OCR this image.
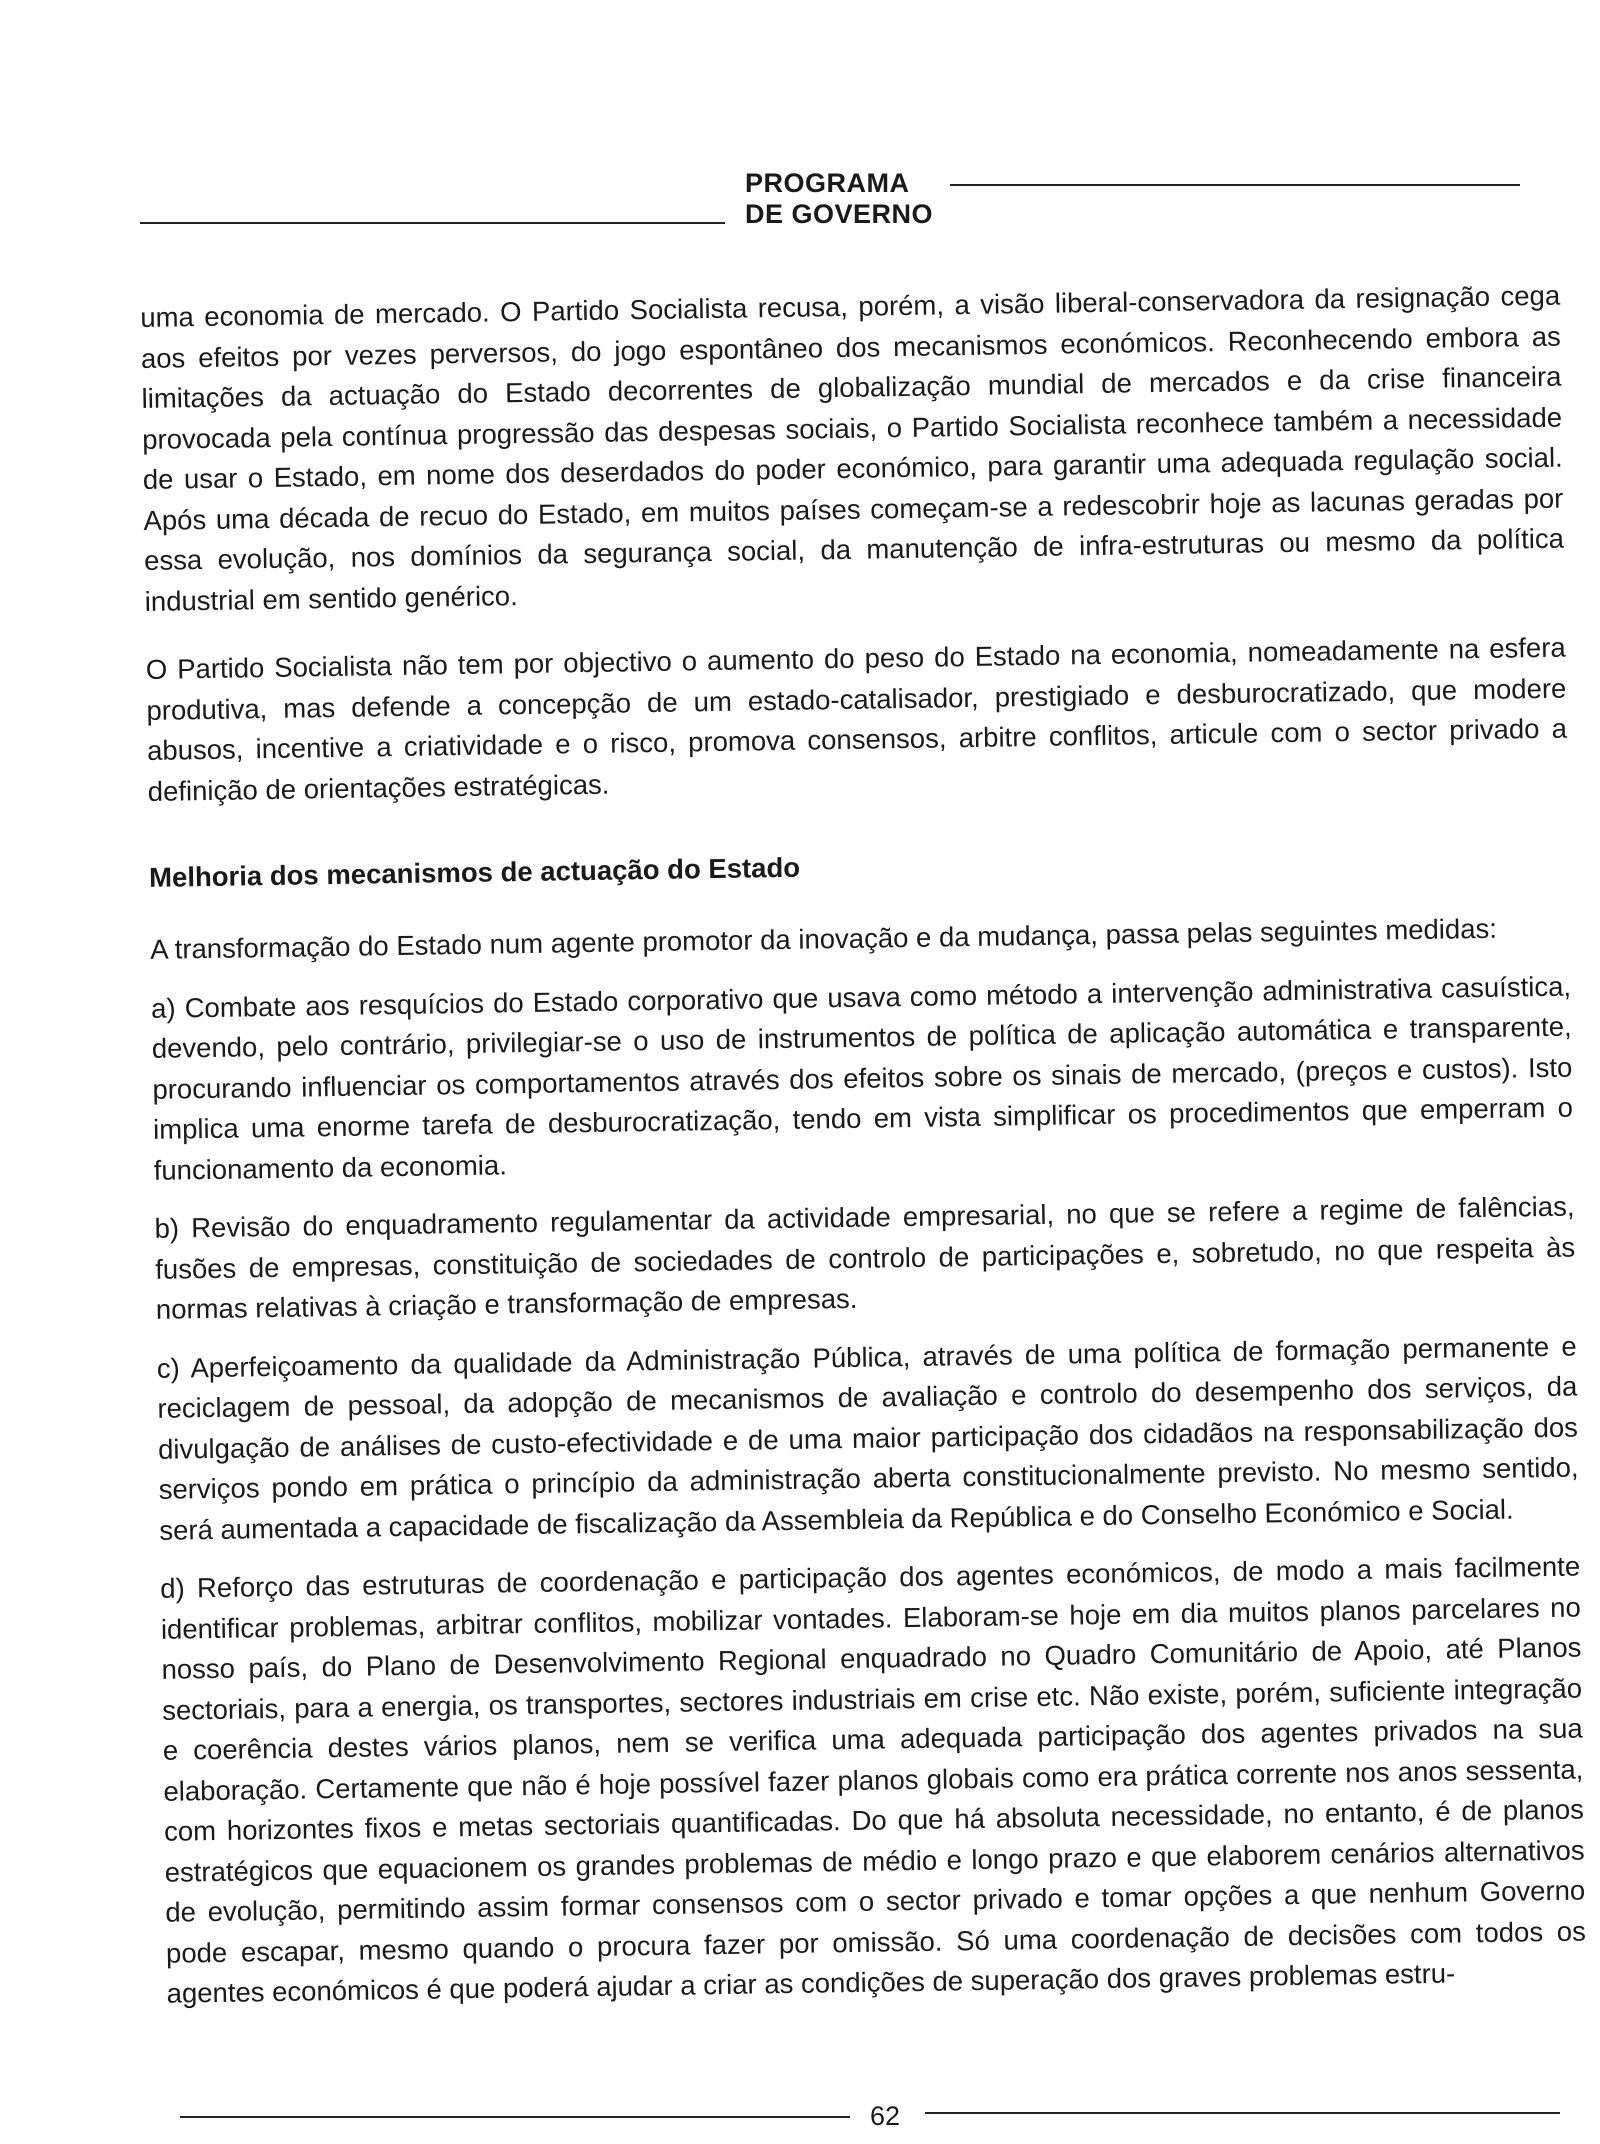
PROGRAMA
DE GOVERNO

uma economia de mercado. O Partido Socialista recusa, porém, a visão liberal-conservadora da resignação cega aos efeitos por vezes perversos, do jogo espontâneo dos mecanismos económicos. Reconhecendo embora as limitações da actuação do Estado decorrentes de globalização mundial de mercados e da crise financeira provocada pela contínua progressão das despesas sociais, o Partido Socialista reconhece também a necessidade de usar o Estado, em nome dos deserdados do poder económico, para garantir uma adequada regulação social. Após uma década de recuo do Estado, em muitos países começam-se a redescobrir hoje as lacunas geradas por essa evolução, nos domínios da segurança social, da manutenção de infra-estruturas ou mesmo da política industrial em sentido genérico.

O Partido Socialista não tem por objectivo o aumento do peso do Estado na economia, nomeadamente na esfera produtiva, mas defende a concepção de um estado-catalisador, prestigiado e desburocratizado, que modere abusos, incentive a criatividade e o risco, promova consensos, arbitre conflitos, articule com o sector privado a definição de orientações estratégicas.

Melhoria dos mecanismos de actuação do Estado

A transformação do Estado num agente promotor da inovação e da mudança, passa pelas seguintes medidas:

a) Combate aos resquícios do Estado corporativo que usava como método a intervenção administrativa casuística, devendo, pelo contrário, privilegiar-se o uso de instrumentos de política de aplicação automática e transparente, procurando influenciar os comportamentos através dos efeitos sobre os sinais de mercado, (preços e custos). Isto implica uma enorme tarefa de desburocratização, tendo em vista simplificar os procedimentos que emperram o funcionamento da economia.

b) Revisão do enquadramento regulamentar da actividade empresarial, no que se refere a regime de falências, fusões de empresas, constituição de sociedades de controlo de participações e, sobretudo, no que respeita às normas relativas à criação e transformação de empresas.

c) Aperfeiçoamento da qualidade da Administração Pública, através de uma política de formação permanente e reciclagem de pessoal, da adopção de mecanismos de avaliação e controlo do desempenho dos serviços, da divulgação de análises de custo-efectividade e de uma maior participação dos cidadãos na responsabilização dos serviços pondo em prática o princípio da administração aberta constitucionalmente previsto. No mesmo sentido, será aumentada a capacidade de fiscalização da Assembleia da República e do Conselho Económico e Social.

d) Reforço das estruturas de coordenação e participação dos agentes económicos, de modo a mais facilmente identificar problemas, arbitrar conflitos, mobilizar vontades. Elaboram-se hoje em dia muitos planos parcelares no nosso país, do Plano de Desenvolvimento Regional enquadrado no Quadro Comunitário de Apoio, até Planos sectoriais, para a energia, os transportes, sectores industriais em crise etc. Não existe, porém, suficiente integração e coerência destes vários planos, nem se verifica uma adequada participação dos agentes privados na sua elaboração. Certamente que não é hoje possível fazer planos globais como era prática corrente nos anos sessenta, com horizontes fixos e metas sectoriais quantificadas. Do que há absoluta necessidade, no entanto, é de planos estratégicos que equacionem os grandes problemas de médio e longo prazo e que elaborem cenários alternativos de evolução, permitindo assim formar consensos com o sector privado e tomar opções a que nenhum Governo pode escapar, mesmo quando o procura fazer por omissão. Só uma coordenação de decisões com todos os agentes económicos é que poderá ajudar a criar as condições de superação dos graves problemas estru-

62
